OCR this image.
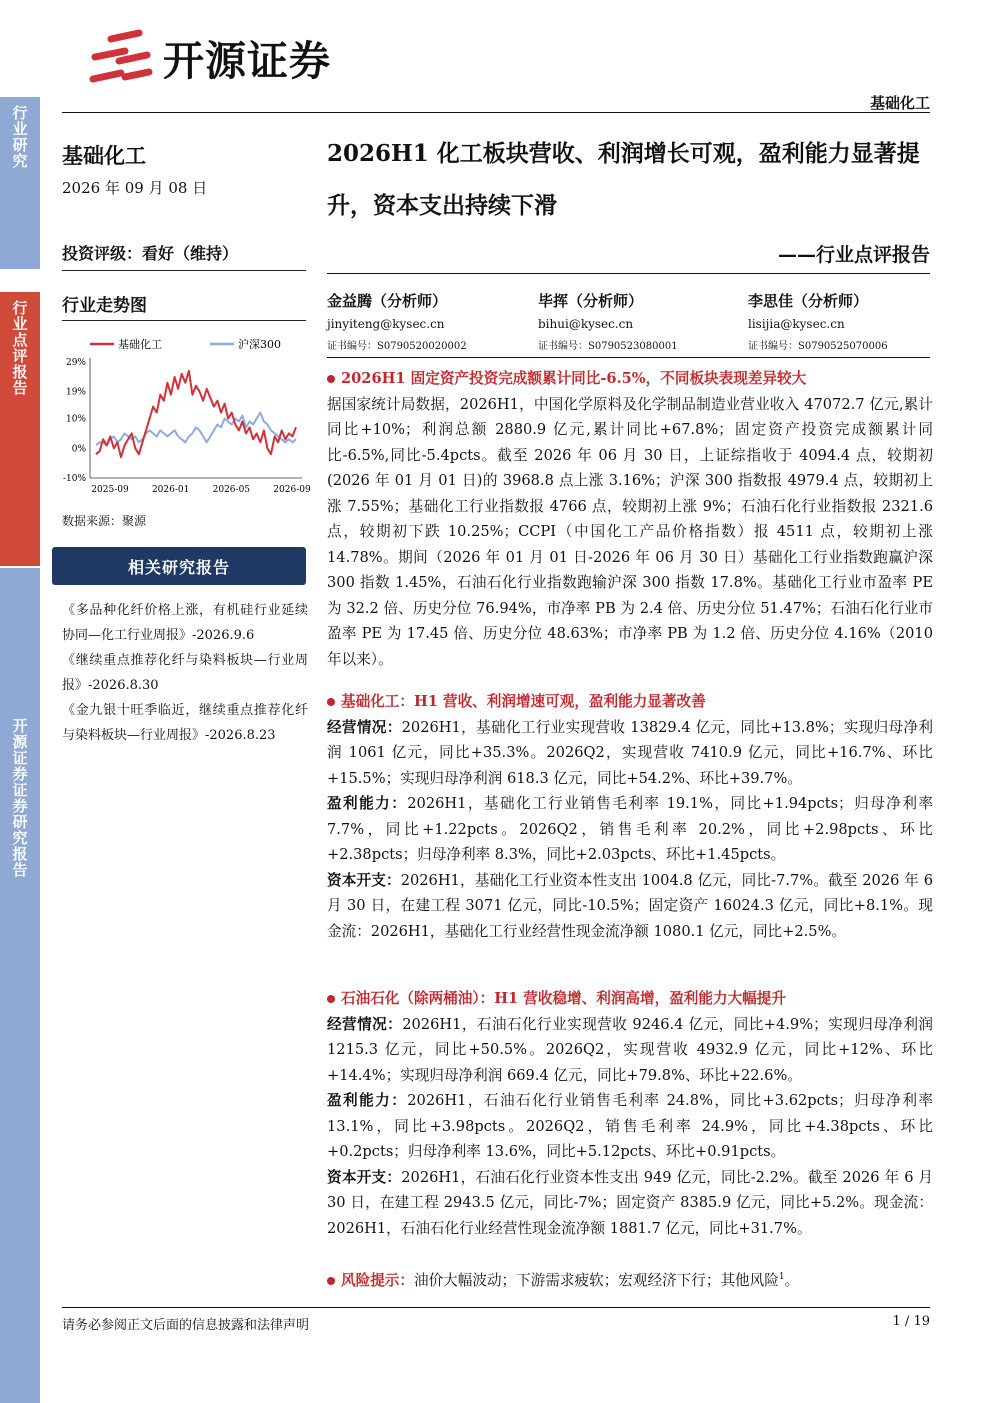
行业研究
行业点评报告
开源证券证券研究报告
开源证券
基础化工
基础化工
2026 年 09 月 08 日
投资评级：看好（维持）
行业走势图
基础化工	沪深300
29%
19%
10%
0%
-10%
2025-09	2026-01	2026-05	2026-09
数据来源：聚源
相关研究报告

《多品种化纤价格上涨，有机硅行业延续协同—化工行业周报》-2026.9.6

《继续重点推荐化纤与染料板块—行业周报》-2026.8.30

《金九银十旺季临近，继续重点推荐化纤与染料板块—行业周报》-2026.8.23

2026H1 化工板块营收、利润增长可观，盈利能力显著提升，资本支出持续下滑
——行业点评报告
金益腾（分析师）
jinyiteng@kysec.cn
证书编号：S0790520020002
毕挥（分析师）
bihui@kysec.cn
证书编号：S0790523080001
李思佳（分析师）
lisijia@kysec.cn
证书编号：S0790525070006
2026H1 固定资产投资完成额累计同比-6.5%，不同板块表现差异较大

据国家统计局数据，2026H1，中国化学原料及化学制品制造业营业收入 47072.7 亿元,累计同比+10%；利润总额 2880.9 亿元,累计同比+67.8%；固定资产投资完成额累计同比-6.5%,同比-5.4pcts。截至 2026 年 06 月 30 日，上证综指收于 4094.4 点，较期初(2026 年 01 月 01 日)的 3968.8 点上涨 3.16%；沪深 300 指数报 4979.4 点，较期初上涨 7.55%；基础化工行业指数报 4766 点，较期初上涨 9%；石油石化行业指数报 2321.6 点，较期初下跌 10.25%；CCPI（中国化工产品价格指数）报 4511 点，较期初上涨 14.78%。期间（2026 年 01 月 01 日-2026 年 06 月 30 日）基础化工行业指数跑赢沪深 300 指数 1.45%，石油石化行业指数跑输沪深 300 指数 17.8%。基础化工行业市盈率 PE 为 32.2 倍、历史分位 76.94%，市净率 PB 为 2.4 倍、历史分位 51.47%；石油石化行业市盈率 PE 为 17.45 倍、历史分位 48.63%；市净率 PB 为 1.2 倍、历史分位 4.16%（2010 年以来）。

基础化工：H1 营收、利润增速可观，盈利能力显著改善

经营情况：2026H1，基础化工行业实现营收 13829.4 亿元，同比+13.8%；实现归母净利润 1061 亿元，同比+35.3%。2026Q2，实现营收 7410.9 亿元，同比+16.7%、环比+15.5%；实现归母净利润 618.3 亿元，同比+54.2%、环比+39.7%。

盈利能力：2026H1，基础化工行业销售毛利率 19.1%，同比+1.94pcts；归母净利率 7.7%，同比+1.22pcts。2026Q2，销售毛利率 20.2%，同比+2.98pcts、环比+2.38pcts；归母净利率 8.3%，同比+2.03pcts、环比+1.45pcts。

资本开支：2026H1，基础化工行业资本性支出 1004.8 亿元，同比-7.7%。截至 2026 年 6 月 30 日，在建工程 3071 亿元，同比-10.5%；固定资产 16024.3 亿元，同比+8.1%。现金流：2026H1，基础化工行业经营性现金流净额 1080.1 亿元，同比+2.5%。

石油石化（除两桶油）：H1 营收稳增、利润高增，盈利能力大幅提升

经营情况：2026H1，石油石化行业实现营收 9246.4 亿元，同比+4.9%；实现归母净利润 1215.3 亿元，同比+50.5%。2026Q2，实现营收 4932.9 亿元，同比+12%、环比+14.4%；实现归母净利润 669.4 亿元，同比+79.8%、环比+22.6%。

盈利能力：2026H1，石油石化行业销售毛利率 24.8%，同比+3.62pcts；归母净利率 13.1%，同比+3.98pcts。2026Q2，销售毛利率 24.9%，同比+4.38pcts、环比+0.2pcts；归母净利率 13.6%，同比+5.12pcts、环比+0.91pcts。

资本开支：2026H1，石油石化行业资本性支出 949 亿元，同比-2.2%。截至 2026 年 6 月 30 日，在建工程 2943.5 亿元，同比-7%；固定资产 8385.9 亿元，同比+5.2%。现金流：2026H1，石油石化行业经营性现金流净额 1881.7 亿元，同比+31.7%。

风险提示：油价大幅波动；下游需求疲软；宏观经济下行；其他风险$^1$。
请务必参阅正文后面的信息披露和法律声明	1 / 19
